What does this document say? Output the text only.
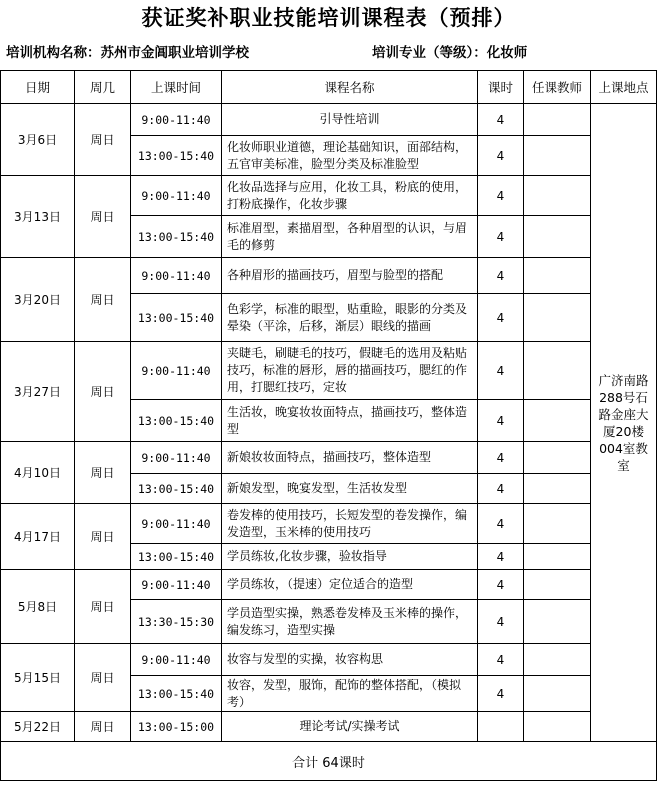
获证奖补职业技能培训课程表（预排）
培训机构名称：苏州市金阊职业培训学校	培训专业（等级）：化妆师
日期	周几	上课时间	课程名称	课时	任课教师	上课地点
3月6日	周日	9:00-11:40	引导性培训	4		广济南路288号石路金座大厦20楼004室教室
		13:00-15:40	化妆师职业道德，理论基础知识，面部结构，五官审美标准，脸型分类及标准脸型	4		
3月13日	周日	9:00-11:40	化妆品选择与应用，化妆工具，粉底的使用，打粉底操作，化妆步骤	4		
		13:00-15:40	标准眉型，素描眉型，各种眉型的认识，与眉毛的修剪	4		
3月20日	周日	9:00-11:40	各种眉形的描画技巧，眉型与脸型的搭配	4		
		13:00-15:40	色彩学，标准的眼型，贴重睑，眼影的分类及晕染（平涂，后移，渐层）眼线的描画	4		
3月27日	周日	9:00-11:40	夹睫毛，刷睫毛的技巧，假睫毛的选用及粘贴技巧，标准的唇形，唇的描画技巧，腮红的作用，打腮红技巧，定妆	4		
		13:00-15:40	生活妆，晚宴妆妆面特点，描画技巧，整体造型	4		
4月10日	周日	9:00-11:40	新娘妆妆面特点，描画技巧，整体造型	4		
		13:00-15:40	新娘发型，晚宴发型，生活妆发型	4		
4月17日	周日	9:00-11:40	卷发棒的使用技巧，长短发型的卷发操作，编发造型，玉米棒的使用技巧	4		
		13:00-15:40	学员练妆,化妆步骤，验妆指导	4		
5月8日	周日	9:00-11:40	学员练妆，（提速）定位适合的造型	4		
		13:30-15:30	学员造型实操，熟悉卷发棒及玉米棒的操作，编发练习，造型实操	4		
5月15日	周日	9:00-11:40	妆容与发型的实操，妆容构思	4		
		13:00-15:40	妆容，发型，服饰，配饰的整体搭配，（模拟考）	4		
5月22日	周日	13:00-15:00	理论考试/实操考试			
合计 64课时						
